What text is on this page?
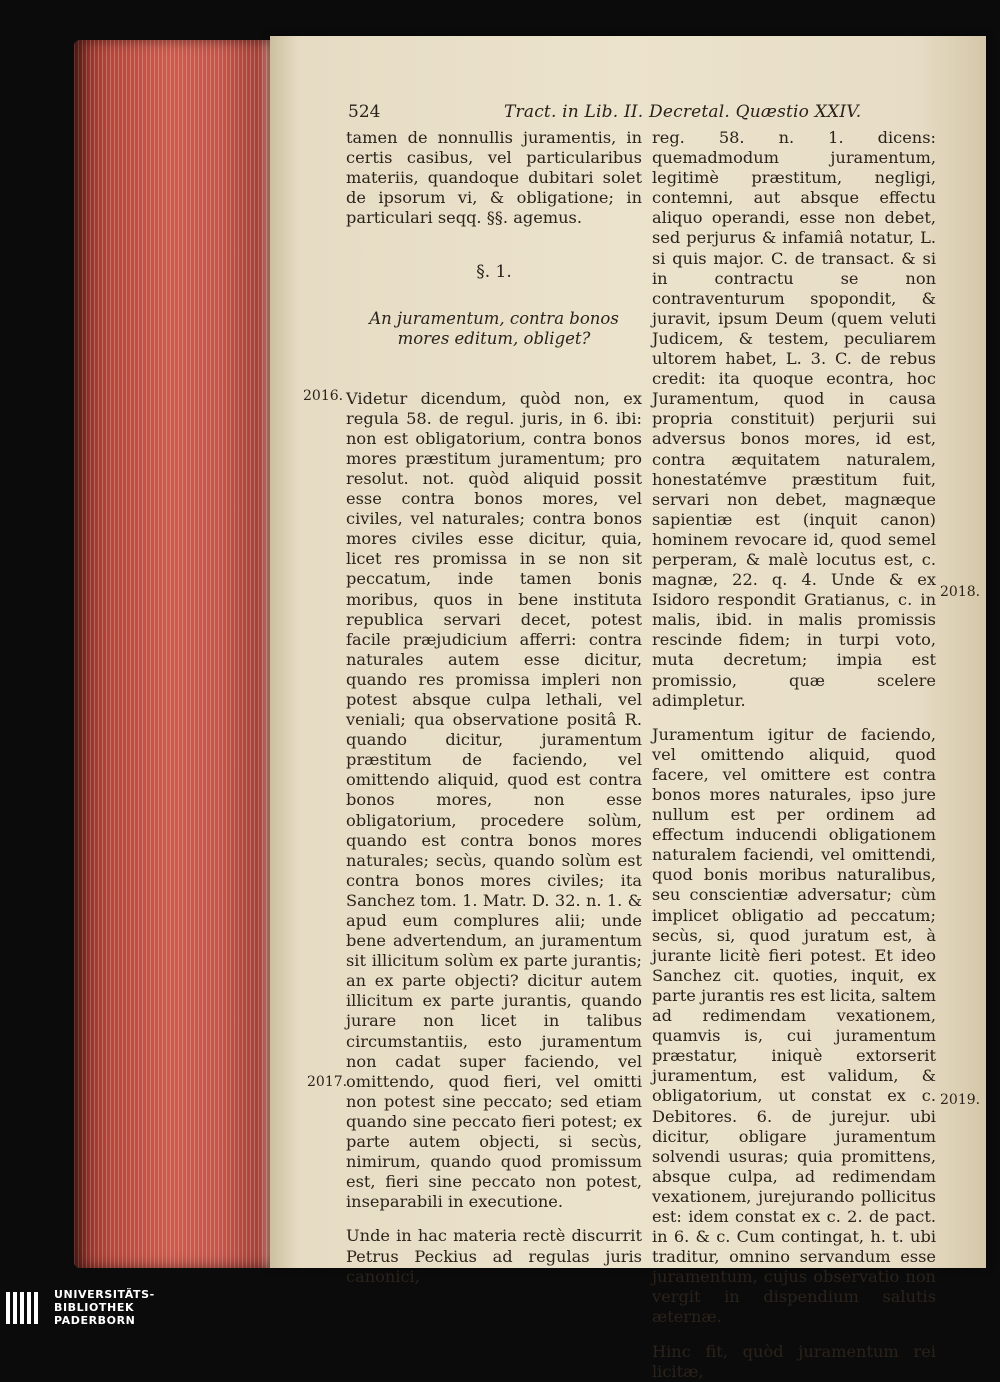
524	Tract. in Lib. II. Decretal. Quæstio XXIV.

tamen de nonnullis juramentis, in certis casibus, vel particularibus materiis, quandoque dubitari solet de ipsorum vi, & obligatione; in particulari seqq. §§. agemus.

§. 1.
An juramentum, contra bonos mores editum, obliget?

Videtur dicendum, quòd non, ex regula 58. de regul. juris, in 6. ibi: non est obligatorium, contra bonos mores præstitum juramentum; pro resolut. not. quòd aliquid possit esse contra bonos mores, vel civiles, vel naturales; contra bonos mores civiles esse dicitur, quia, licet res promissa in se non sit peccatum, inde tamen bonis moribus, quos in bene instituta republica servari decet, potest facile præjudicium afferri: contra naturales autem esse dicitur, quando res promissa impleri non potest absque culpa lethali, vel veniali; qua observatione positâ R. quando dicitur, juramentum præstitum de faciendo, vel omittendo aliquid, quod est contra bonos mores, non esse obligatorium, procedere solùm, quando est contra bonos mores naturales; secùs, quando solùm est contra bonos mores civiles; ita Sanchez tom. 1. Matr. D. 32. n. 1. & apud eum complures alii; unde bene advertendum, an juramentum sit illicitum solùm ex parte jurantis; an ex parte objecti? dicitur autem illicitum ex parte jurantis, quando jurare non licet in talibus circumstantiis, esto juramentum non cadat super faciendo, vel omittendo, quod fieri, vel omitti non potest sine peccato; sed etiam quando sine peccato fieri potest; ex parte autem objecti, si secùs, nimirum, quando quod promissum est, fieri sine peccato non potest, inseparabili in executione.

Unde in hac materia rectè discurrit Petrus Peckius ad regulas juris canonici,

reg. 58. n. 1. dicens: quemadmodum juramentum, legitimè præstitum, negligi, contemni, aut absque effectu aliquo operandi, esse non debet, sed perjurus & infamiâ notatur, L. si quis major. C. de transact. & si in contractu se non contraventurum spopondit, & juravit, ipsum Deum (quem veluti Judicem, & testem, peculiarem ultorem habet, L. 3. C. de rebus credit: ita quoque econtra, hoc Juramentum, quod in causa propria constituit) perjurii sui adversus bonos mores, id est, contra æquitatem naturalem, honestatémve præstitum fuit, servari non debet, magnæque sapientiæ est (inquit canon) hominem revocare id, quod semel perperam, & malè locutus est, c. magnæ, 22. q. 4. Unde & ex Isidoro respondit Gratianus, c. in malis, ibid. in malis promissis rescinde fidem; in turpi voto, muta decretum; impia est promissio, quæ scelere adimpletur.

Juramentum igitur de faciendo, vel omittendo aliquid, quod facere, vel omittere est contra bonos mores naturales, ipso jure nullum est per ordinem ad effectum inducendi obligationem naturalem faciendi, vel omittendi, quod bonis moribus naturalibus, seu conscientiæ adversatur; cùm implicet obligatio ad peccatum; secùs, si, quod juratum est, à jurante licitè fieri potest. Et ideo Sanchez cit. quoties, inquit, ex parte jurantis res est licita, saltem ad redimendam vexationem, quamvis is, cui juramentum præstatur, iniquè extorserit juramentum, est validum, & obligatorium, ut constat ex c. Debitores. 6. de jurejur. ubi dicitur, obligare juramentum solvendi usuras; quia promittens, absque culpa, ad redimendam vexationem, jurejurando pollicitus est: idem constat ex c. 2. de pact. in 6. & c. Cum contingat, h. t. ubi traditur, omnino servandum esse juramentum, cujus observatio non vergit in dispendium salutis æternæ.

Hinc fit, quòd juramentum rei licitæ,

2016.
2017.
2018.
2019.
UNIVERSITÄTS-
BIBLIOTHEK
PADERBORN
